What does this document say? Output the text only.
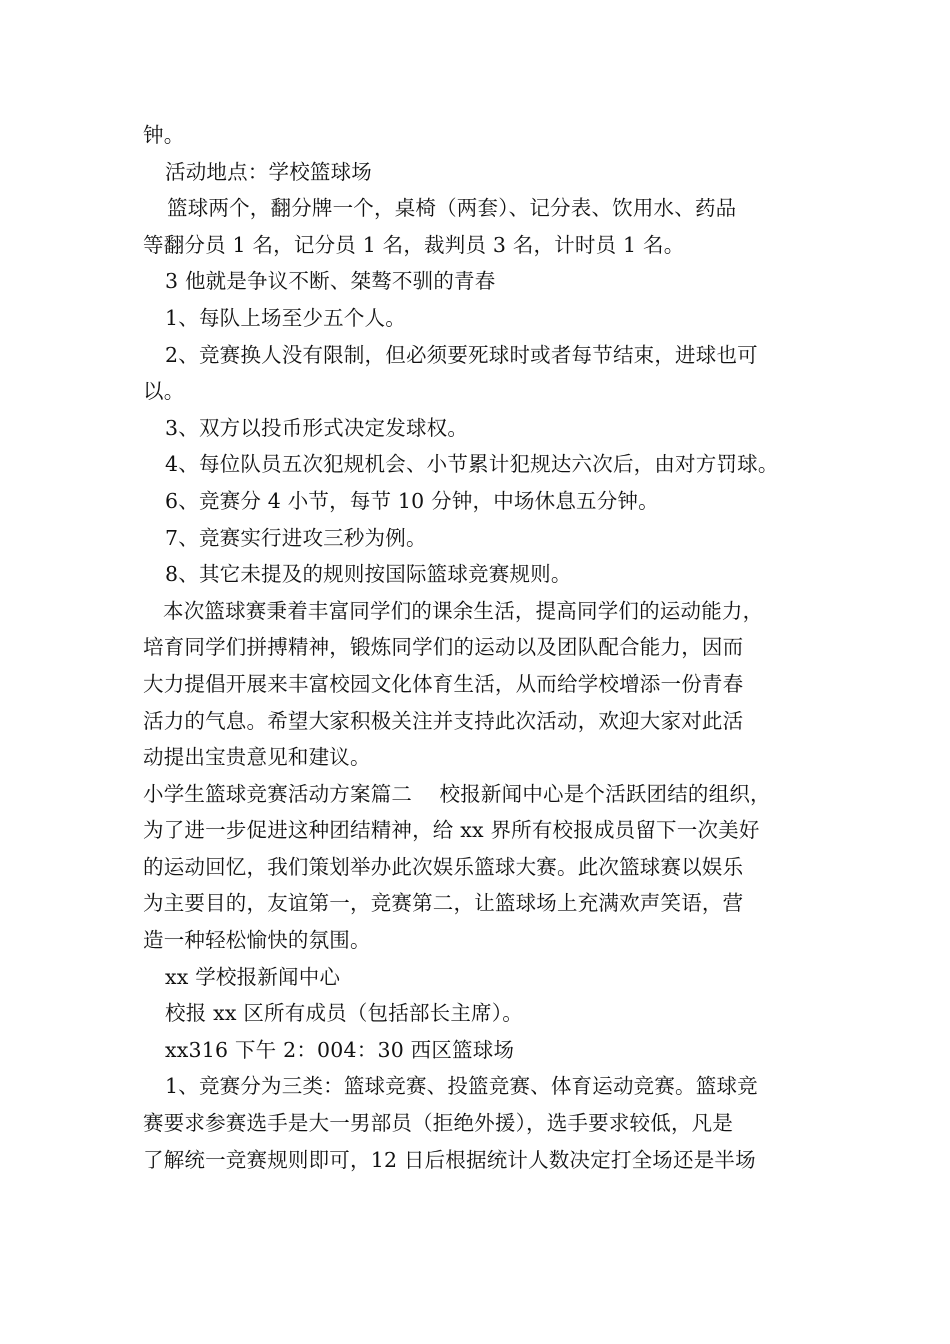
钟。
活动地点：学校篮球场
篮球两个，翻分牌一个，桌椅（两套）、记分表、饮用水、药品
等翻分员 1 名，记分员 1 名，裁判员 3 名，计时员 1 名。
3 他就是争议不断、桀骜不驯的青春
1、每队上场至少五个人。
2、竞赛换人没有限制，但必须要死球时或者每节结束，进球也可
以。
3、双方以投币形式决定发球权。
4、每位队员五次犯规机会、小节累计犯规达六次后，由对方罚球。
6、竞赛分 4 小节，每节 10 分钟，中场休息五分钟。
7、竞赛实行进攻三秒为例。
8、其它未提及的规则按国际篮球竞赛规则。
本次篮球赛秉着丰富同学们的课余生活，提高同学们的运动能力，
培育同学们拼搏精神，锻炼同学们的运动以及团队配合能力，因而
大力提倡开展来丰富校园文化体育生活，从而给学校增添一份青春
活力的气息。希望大家积极关注并支持此次活动，欢迎大家对此活
动提出宝贵意见和建议。
小学生篮球竞赛活动方案篇二　 校报新闻中心是个活跃团结的组织，
为了进一步促进这种团结精神，给 xx 界所有校报成员留下一次美好
的运动回忆，我们策划举办此次娱乐篮球大赛。此次篮球赛以娱乐
为主要目的，友谊第一，竞赛第二，让篮球场上充满欢声笑语，营
造一种轻松愉快的氛围。
xx 学校报新闻中心
校报 xx 区所有成员（包括部长主席）。
xx316 下午 2：004：30 西区篮球场
1、竞赛分为三类：篮球竞赛、投篮竞赛、体育运动竞赛。篮球竞
赛要求参赛选手是大一男部员（拒绝外援），选手要求较低，凡是
了解统一竞赛规则即可，12 日后根据统计人数决定打全场还是半场
